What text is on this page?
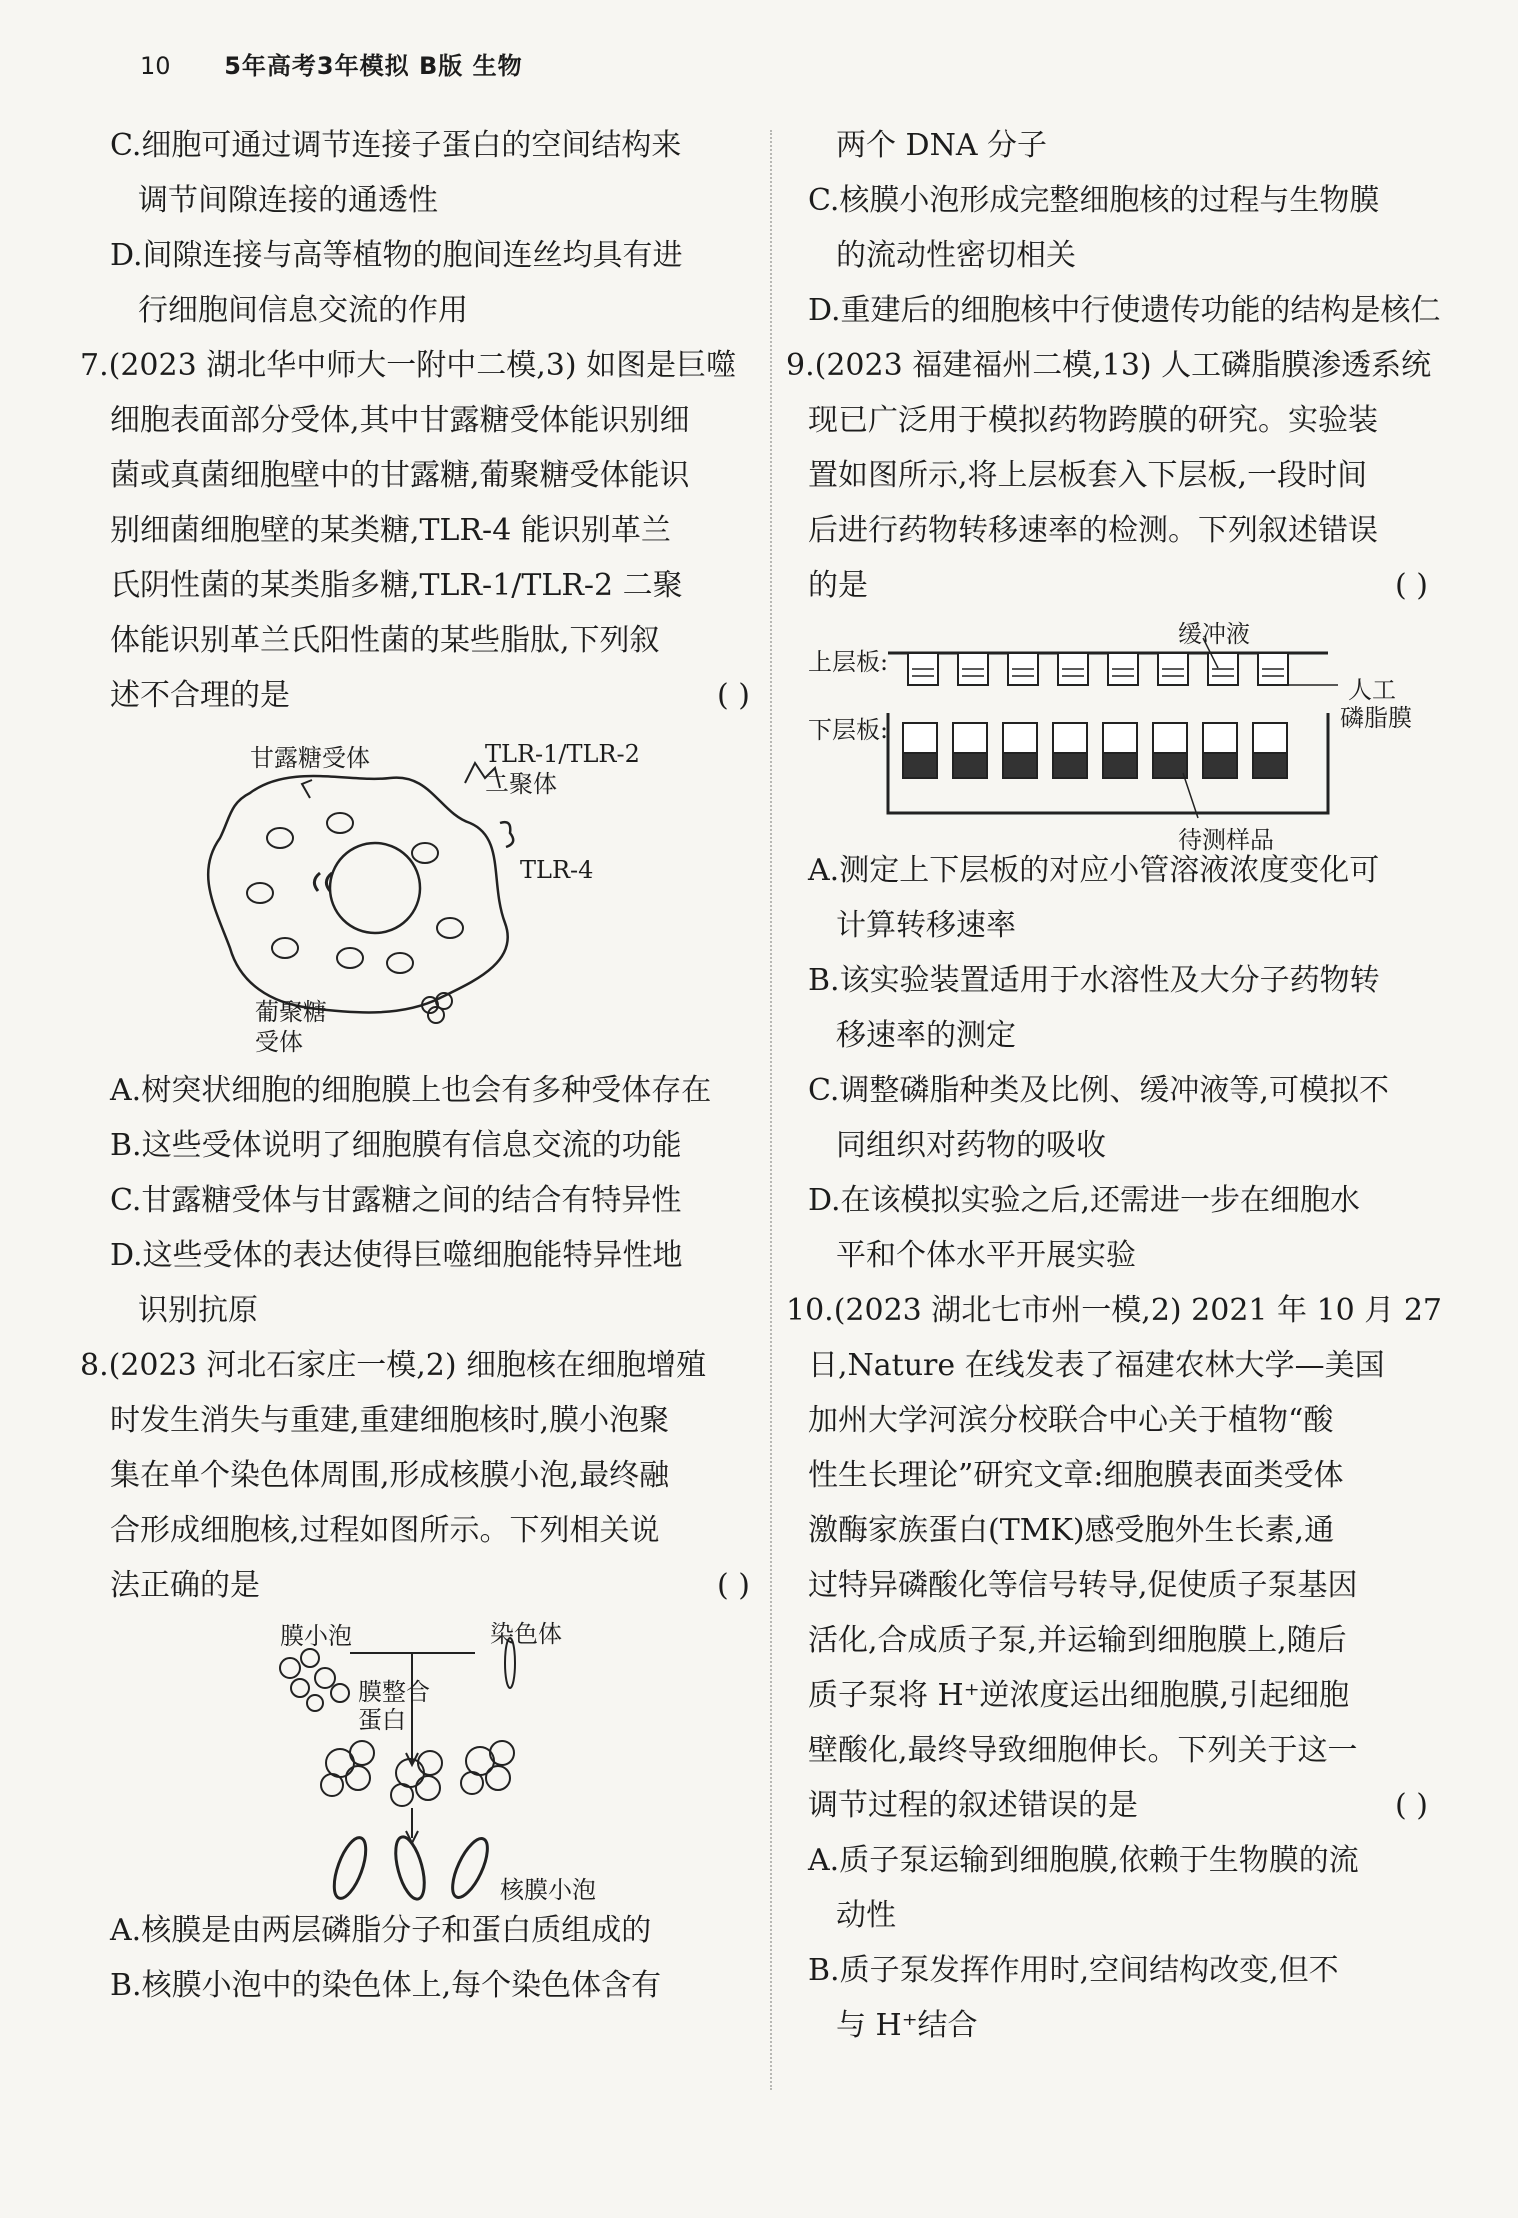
10 5年高考3年模拟 B版 生物
C.细胞可通过调节连接子蛋白的空间结构来
调节间隙连接的通透性
D.间隙连接与高等植物的胞间连丝均具有进
行细胞间信息交流的作用
7.(2023 湖北华中师大一附中二模,3) 如图是巨噬
细胞表面部分受体,其中甘露糖受体能识别细
菌或真菌细胞壁中的甘露糖,葡聚糖受体能识
别细菌细胞壁的某类糖,TLR-4 能识别革兰
氏阴性菌的某类脂多糖,TLR-1/TLR-2 二聚
体能识别革兰氏阳性菌的某些脂肽,下列叙
述不合理的是	( )
甘露糖受体	TLR-1/TLR-2
二聚体
TLR-4
葡聚糖
受体
A.树突状细胞的细胞膜上也会有多种受体存在
B.这些受体说明了细胞膜有信息交流的功能
C.甘露糖受体与甘露糖之间的结合有特异性
D.这些受体的表达使得巨噬细胞能特异性地
识别抗原
8.(2023 河北石家庄一模,2) 细胞核在细胞增殖
时发生消失与重建,重建细胞核时,膜小泡聚
集在单个染色体周围,形成核膜小泡,最终融
合形成细胞核,过程如图所示。下列相关说
法正确的是	( )
膜小泡	染色体
膜整合
蛋白
核膜小泡
A.核膜是由两层磷脂分子和蛋白质组成的
B.核膜小泡中的染色体上,每个染色体含有
两个 DNA 分子
C.核膜小泡形成完整细胞核的过程与生物膜
的流动性密切相关
D.重建后的细胞核中行使遗传功能的结构是核仁
9.(2023 福建福州二模,13) 人工磷脂膜渗透系统
现已广泛用于模拟药物跨膜的研究。实验装
置如图所示,将上层板套入下层板,一段时间
后进行药物转移速率的检测。下列叙述错误
的是	( )
上层板:
缓冲液
人工
磷脂膜
下层板:
待测样品
A.测定上下层板的对应小管溶液浓度变化可
计算转移速率
B.该实验装置适用于水溶性及大分子药物转
移速率的测定
C.调整磷脂种类及比例、缓冲液等,可模拟不
同组织对药物的吸收
D.在该模拟实验之后,还需进一步在细胞水
平和个体水平开展实验
10.(2023 湖北七市州一模,2) 2021 年 10 月 27
日,Nature 在线发表了福建农林大学—美国
加州大学河滨分校联合中心关于植物“酸
性生长理论”研究文章:细胞膜表面类受体
激酶家族蛋白(TMK)感受胞外生长素,通
过特异磷酸化等信号转导,促使质子泵基因
活化,合成质子泵,并运输到细胞膜上,随后
质子泵将 H⁺逆浓度运出细胞膜,引起细胞
壁酸化,最终导致细胞伸长。下列关于这一
调节过程的叙述错误的是	( )
A.质子泵运输到细胞膜,依赖于生物膜的流
动性
B.质子泵发挥作用时,空间结构改变,但不
与 H⁺结合
